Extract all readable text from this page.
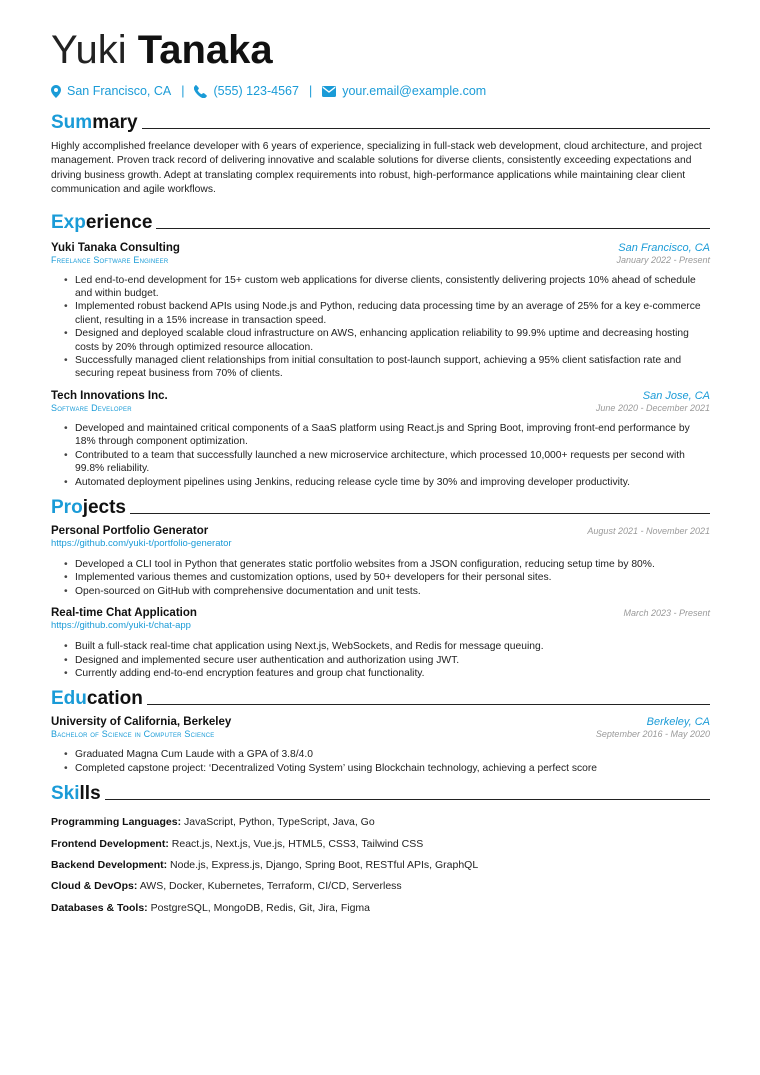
Yuki Tanaka
San Francisco, CA | (555) 123-4567 | your.email@example.com
Summary
Highly accomplished freelance developer with 6 years of experience, specializing in full-stack web development, cloud architecture, and project management. Proven track record of delivering innovative and scalable solutions for diverse clients, consistently exceeding expectations and driving business growth. Adept at translating complex requirements into robust, high-performance applications while maintaining clear client communication and agile workflows.
Experience
Yuki Tanaka Consulting	San Francisco, CA
Freelance Software Engineer	January 2022 - Present
• Led end-to-end development for 15+ custom web applications for diverse clients, consistently delivering projects 10% ahead of schedule and within budget.
• Implemented robust backend APIs using Node.js and Python, reducing data processing time by an average of 25% for a key e-commerce client, resulting in a 15% increase in transaction speed.
• Designed and deployed scalable cloud infrastructure on AWS, enhancing application reliability to 99.9% uptime and decreasing hosting costs by 20% through optimized resource allocation.
• Successfully managed client relationships from initial consultation to post-launch support, achieving a 95% client satisfaction rate and securing repeat business from 70% of clients.
Tech Innovations Inc.	San Jose, CA
Software Developer	June 2020 - December 2021
• Developed and maintained critical components of a SaaS platform using React.js and Spring Boot, improving front-end performance by 18% through component optimization.
• Contributed to a team that successfully launched a new microservice architecture, which processed 10,000+ requests per second with 99.8% reliability.
• Automated deployment pipelines using Jenkins, reducing release cycle time by 30% and improving developer productivity.
Projects
Personal Portfolio Generator	August 2021 - November 2021
https://github.com/yuki-t/portfolio-generator
• Developed a CLI tool in Python that generates static portfolio websites from a JSON configuration, reducing setup time by 80%.
• Implemented various themes and customization options, used by 50+ developers for their personal sites.
• Open-sourced on GitHub with comprehensive documentation and unit tests.
Real-time Chat Application	March 2023 - Present
https://github.com/yuki-t/chat-app
• Built a full-stack real-time chat application using Next.js, WebSockets, and Redis for message queuing.
• Designed and implemented secure user authentication and authorization using JWT.
• Currently adding end-to-end encryption features and group chat functionality.
Education
University of California, Berkeley	Berkeley, CA
Bachelor of Science in Computer Science	September 2016 - May 2020
• Graduated Magna Cum Laude with a GPA of 3.8/4.0
• Completed capstone project: ‘Decentralized Voting System’ using Blockchain technology, achieving a perfect score
Skills
Programming Languages: JavaScript, Python, TypeScript, Java, Go
Frontend Development: React.js, Next.js, Vue.js, HTML5, CSS3, Tailwind CSS
Backend Development: Node.js, Express.js, Django, Spring Boot, RESTful APIs, GraphQL
Cloud & DevOps: AWS, Docker, Kubernetes, Terraform, CI/CD, Serverless
Databases & Tools: PostgreSQL, MongoDB, Redis, Git, Jira, Figma
